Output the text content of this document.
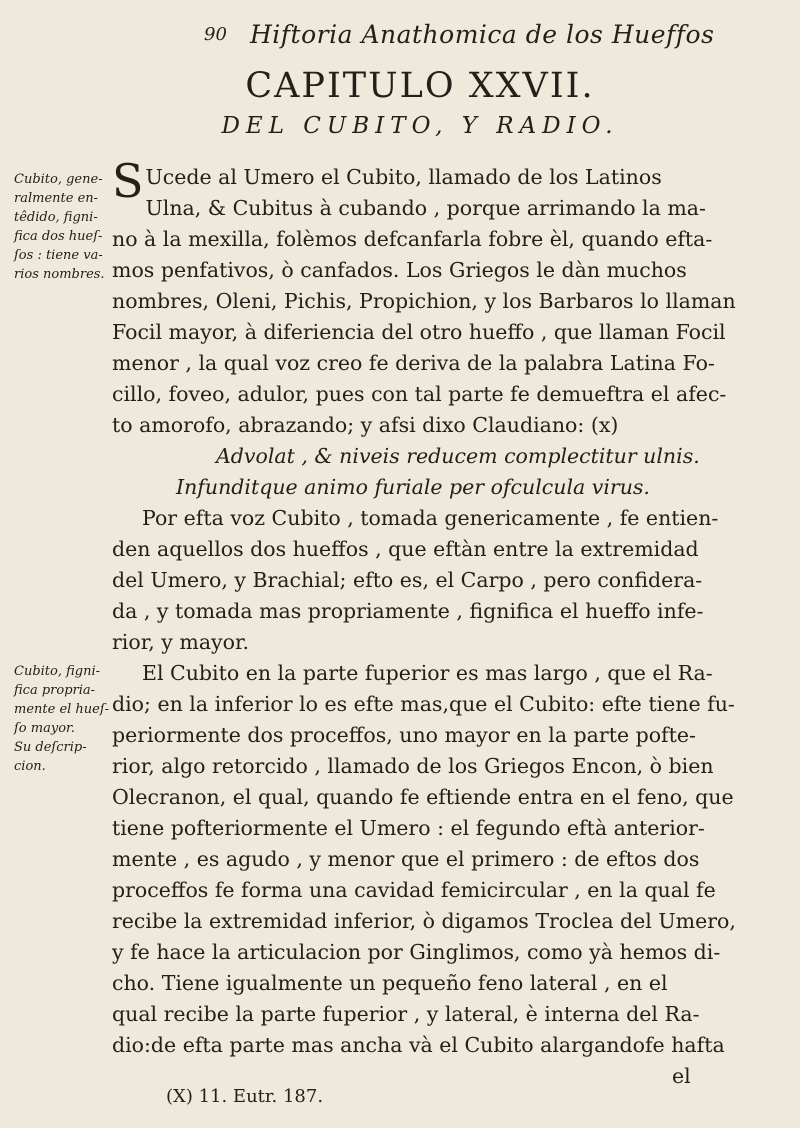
90 Hiftoria Anathomica de los Hueffos
CAPITULO XXVII.
DEL CUBITO, Y RADIO.
Cubito, gene-
ralmente en-
têdido, figni-
fica dos hueſ-
ſos : tiene va-
rios nombres.
Cubito, figni-
fica propria-
mente el hueſ-
ſo mayor.
Su deſcrip-
cion.
S Ucede al Umero el Cubito, llamado de los Latinos
Ulna, & Cubitus à cubando , porque arrimando la ma-
no à la mexilla, folèmos defcanfarla fobre èl, quando efta-
mos penfativos, ò canfados. Los Griegos le dàn muchos
nombres, Oleni, Pichis, Propichion, y los Barbaros lo llaman
Focil mayor, à diferiencia del otro hueffo , que llaman Focil
menor , la qual voz creo fe deriva de la palabra Latina Fo-
cillo, foveo, adulor, pues con tal parte fe demueftra el afec-
to amorofo, abrazando; y afsi dixo Claudiano: (x)
Advolat , & niveis reducem complectitur ulnis.
Infunditque animo furiale per ofculcula virus.
Por efta voz Cubito , tomada genericamente , fe entien-
den aquellos dos hueffos , que eftàn entre la extremidad
del Umero, y Brachial; efto es, el Carpo , pero confidera-
da , y tomada mas propriamente , fignifica el hueffo infe-
rior, y mayor.
El Cubito en la parte fuperior es mas largo , que el Ra-
dio; en la inferior lo es efte mas,que el Cubito: efte tiene fu-
periormente dos proceffos, uno mayor en la parte pofte-
rior, algo retorcido , llamado de los Griegos Encon, ò bien
Olecranon, el qual, quando fe eftiende entra en el feno, que
tiene pofteriormente el Umero : el fegundo eftà anterior-
mente , es agudo , y menor que el primero : de eftos dos
proceffos fe forma una cavidad femicircular , en la qual fe
recibe la extremidad inferior, ò digamos Troclea del Umero,
y fe hace la articulacion por Ginglimos, como yà hemos di-
cho. Tiene igualmente un pequeño feno lateral , en el
qual recibe la parte fuperior , y lateral, è interna del Ra-
dio:de efta parte mas ancha và el Cubito alargandofe hafta
el
(X) 11. Eutr. 187.
